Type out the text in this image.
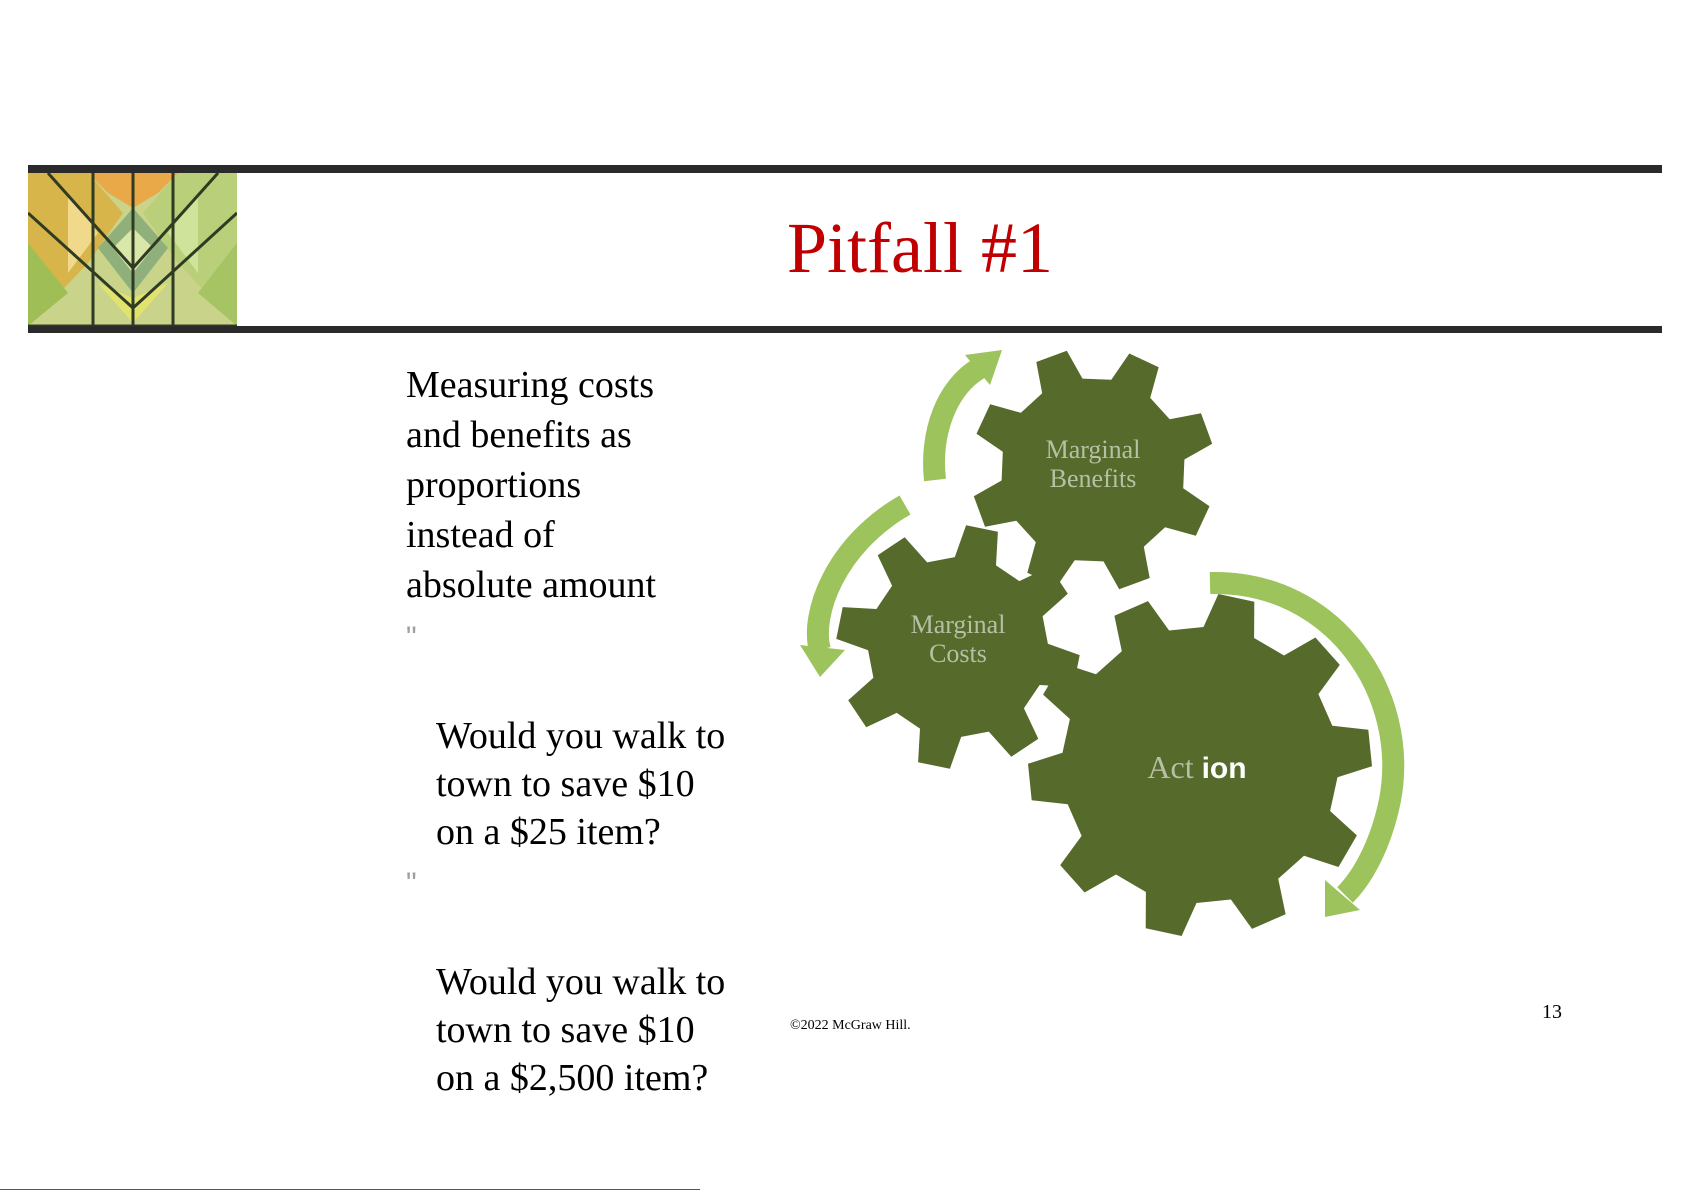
Pitfall #1

Measuring costs
and benefits as
proportions
instead of
absolute amount

"

Would you walk to
town to save $10
on a $25 item?

"

Would you walk to
town to save $10
on a $2,500 item?

Marginal
Benefits
Marginal
Costs
Act ion
©2022 McGraw Hill.
13
